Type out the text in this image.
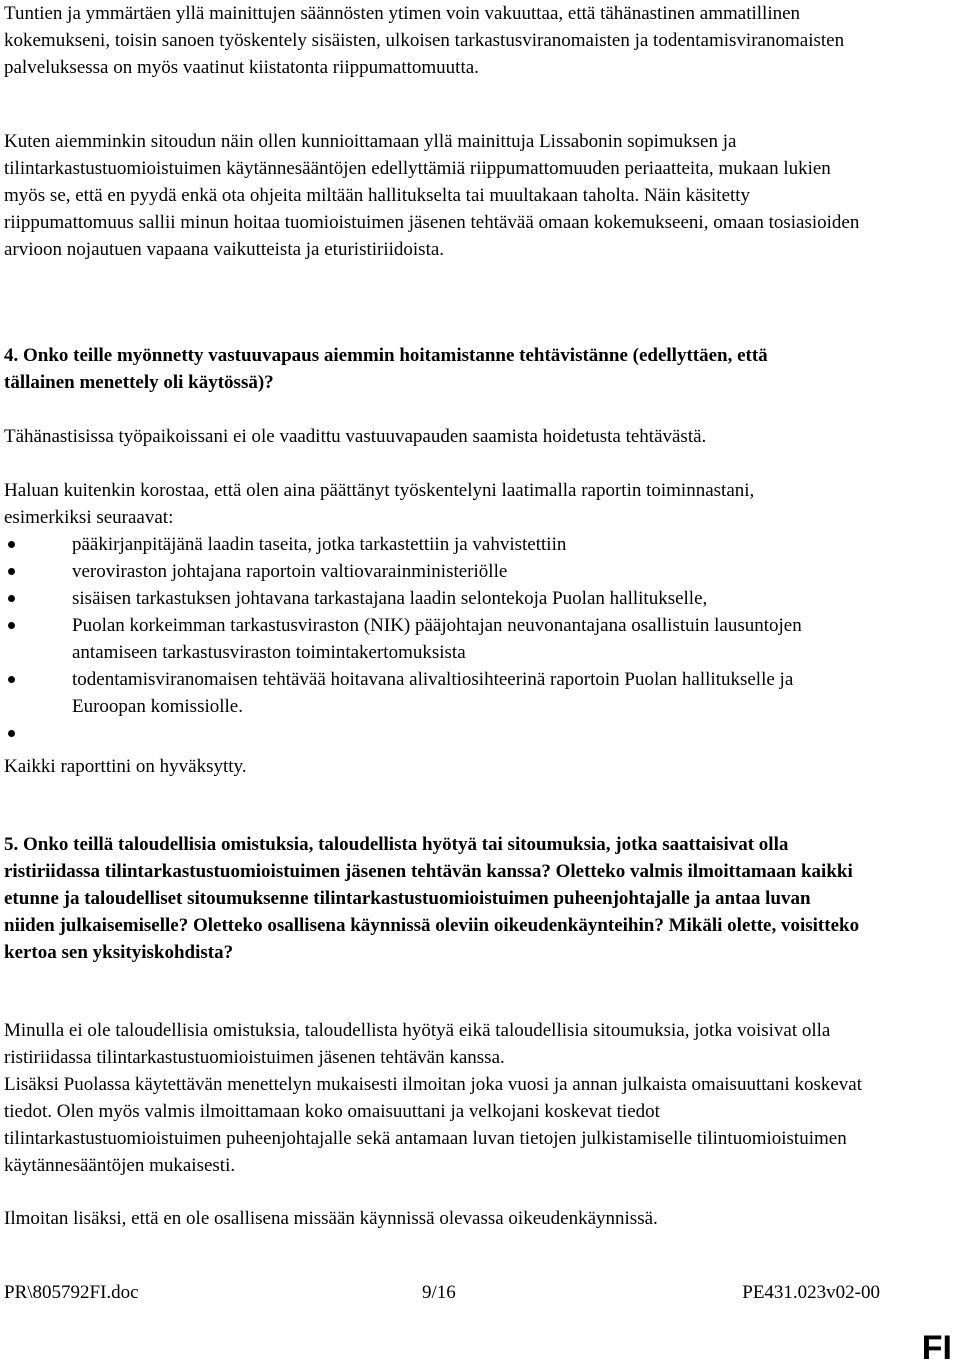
Tuntien ja ymmärtäen yllä mainittujen säännösten ytimen voin vakuuttaa, että tähänastinen ammatillinen kokemukseni, toisin sanoen työskentely sisäisten, ulkoisen tarkastusviranomaisten ja todentamisviranomaisten palveluksessa on myös vaatinut kiistatonta riippumattomuutta.

Kuten aiemminkin sitoudun näin ollen kunnioittamaan yllä mainittuja Lissabonin sopimuksen ja tilintarkastustuomioistuimen käytännesääntöjen edellyttämiä riippumattomuuden periaatteita, mukaan lukien myös se, että en pyydä enkä ota ohjeita miltään hallitukselta tai muultakaan taholta. Näin käsitetty riippumattomuus sallii minun hoitaa tuomioistuimen jäsenen tehtävää omaan kokemukseeni, omaan tosiasioiden arvioon nojautuen vapaana vaikutteista ja eturistiriidoista.

4. Onko teille myönnetty vastuuvapaus aiemmin hoitamistanne tehtävistänne (edellyttäen, että tällainen menettely oli käytössä)?

Tähänastisissa työpaikoissani ei ole vaadittu vastuuvapauden saamista hoidetusta tehtävästä.

Haluan kuitenkin korostaa, että olen aina päättänyt työskentelyni laatimalla raportin toiminnastani, esimerkiksi seuraavat:

pääkirjanpitäjänä laadin taseita, jotka tarkastettiin ja vahvistettiin
veroviraston johtajana raportoin valtiovarainministeriölle
sisäisen tarkastuksen johtavana tarkastajana laadin selontekoja Puolan hallitukselle,
Puolan korkeimman tarkastusviraston (NIK) pääjohtajan neuvonantajana osallistuin lausuntojen antamiseen tarkastusviraston toimintakertomuksista
todentamisviranomaisen tehtävää hoitavana alivaltiosihteerinä raportoin Puolan hallitukselle ja Euroopan komissiolle.

Kaikki raporttini on hyväksytty.

5. Onko teillä taloudellisia omistuksia, taloudellista hyötyä tai sitoumuksia, jotka saattaisivat olla ristiriidassa tilintarkastustuomioistuimen jäsenen tehtävän kanssa? Oletteko valmis ilmoittamaan kaikki etunne ja taloudelliset sitoumuksenne tilintarkastustuomioistuimen puheenjohtajalle ja antaa luvan niiden julkaisemiselle? Oletteko osallisena käynnissä oleviin oikeudenkäynteihin? Mikäli olette, voisitteko kertoa sen yksityiskohdista?

Minulla ei ole taloudellisia omistuksia, taloudellista hyötyä eikä taloudellisia sitoumuksia, jotka voisivat olla ristiriidassa tilintarkastustuomioistuimen jäsenen tehtävän kanssa.

Lisäksi Puolassa käytettävän menettelyn mukaisesti ilmoitan joka vuosi ja annan julkaista omaisuuttani koskevat tiedot. Olen myös valmis ilmoittamaan koko omaisuuttani ja velkojani koskevat tiedot tilintarkastustuomioistuimen puheenjohtajalle sekä antamaan luvan tietojen julkistamiselle tilintuomioistuimen käytännesääntöjen mukaisesti.

Ilmoitan lisäksi, että en ole osallisena missään käynnissä olevassa oikeudenkäynnissä.

PR\805792FI.doc	9/16	PE431.023v02-00
FI
